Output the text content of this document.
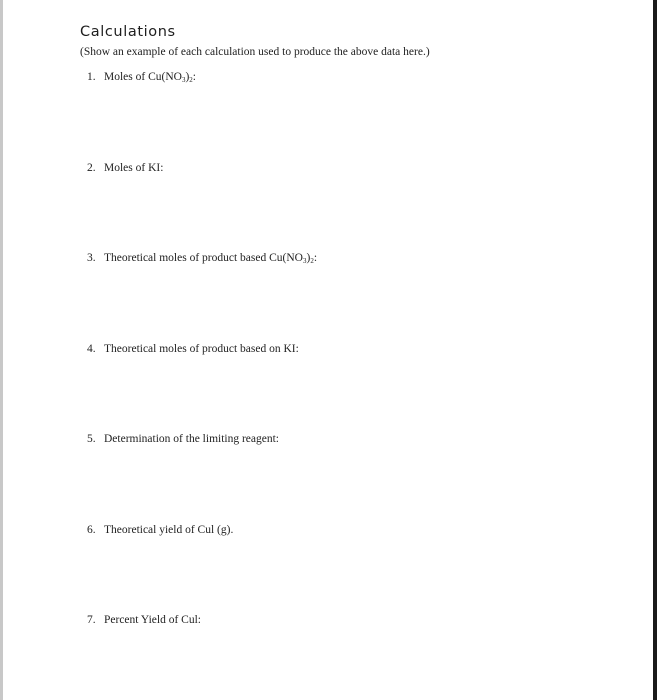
Calculations
(Show an example of each calculation used to produce the above data here.)
1. Moles of $Cu(NO_3)_2$:
2. Moles of KI:
3. Theoretical moles of product based $Cu(NO_3)_2$:
4. Theoretical moles of product based on KI:
5. Determination of the limiting reagent:
6. Theoretical yield of Cul (g).
7. Percent Yield of Cul:
